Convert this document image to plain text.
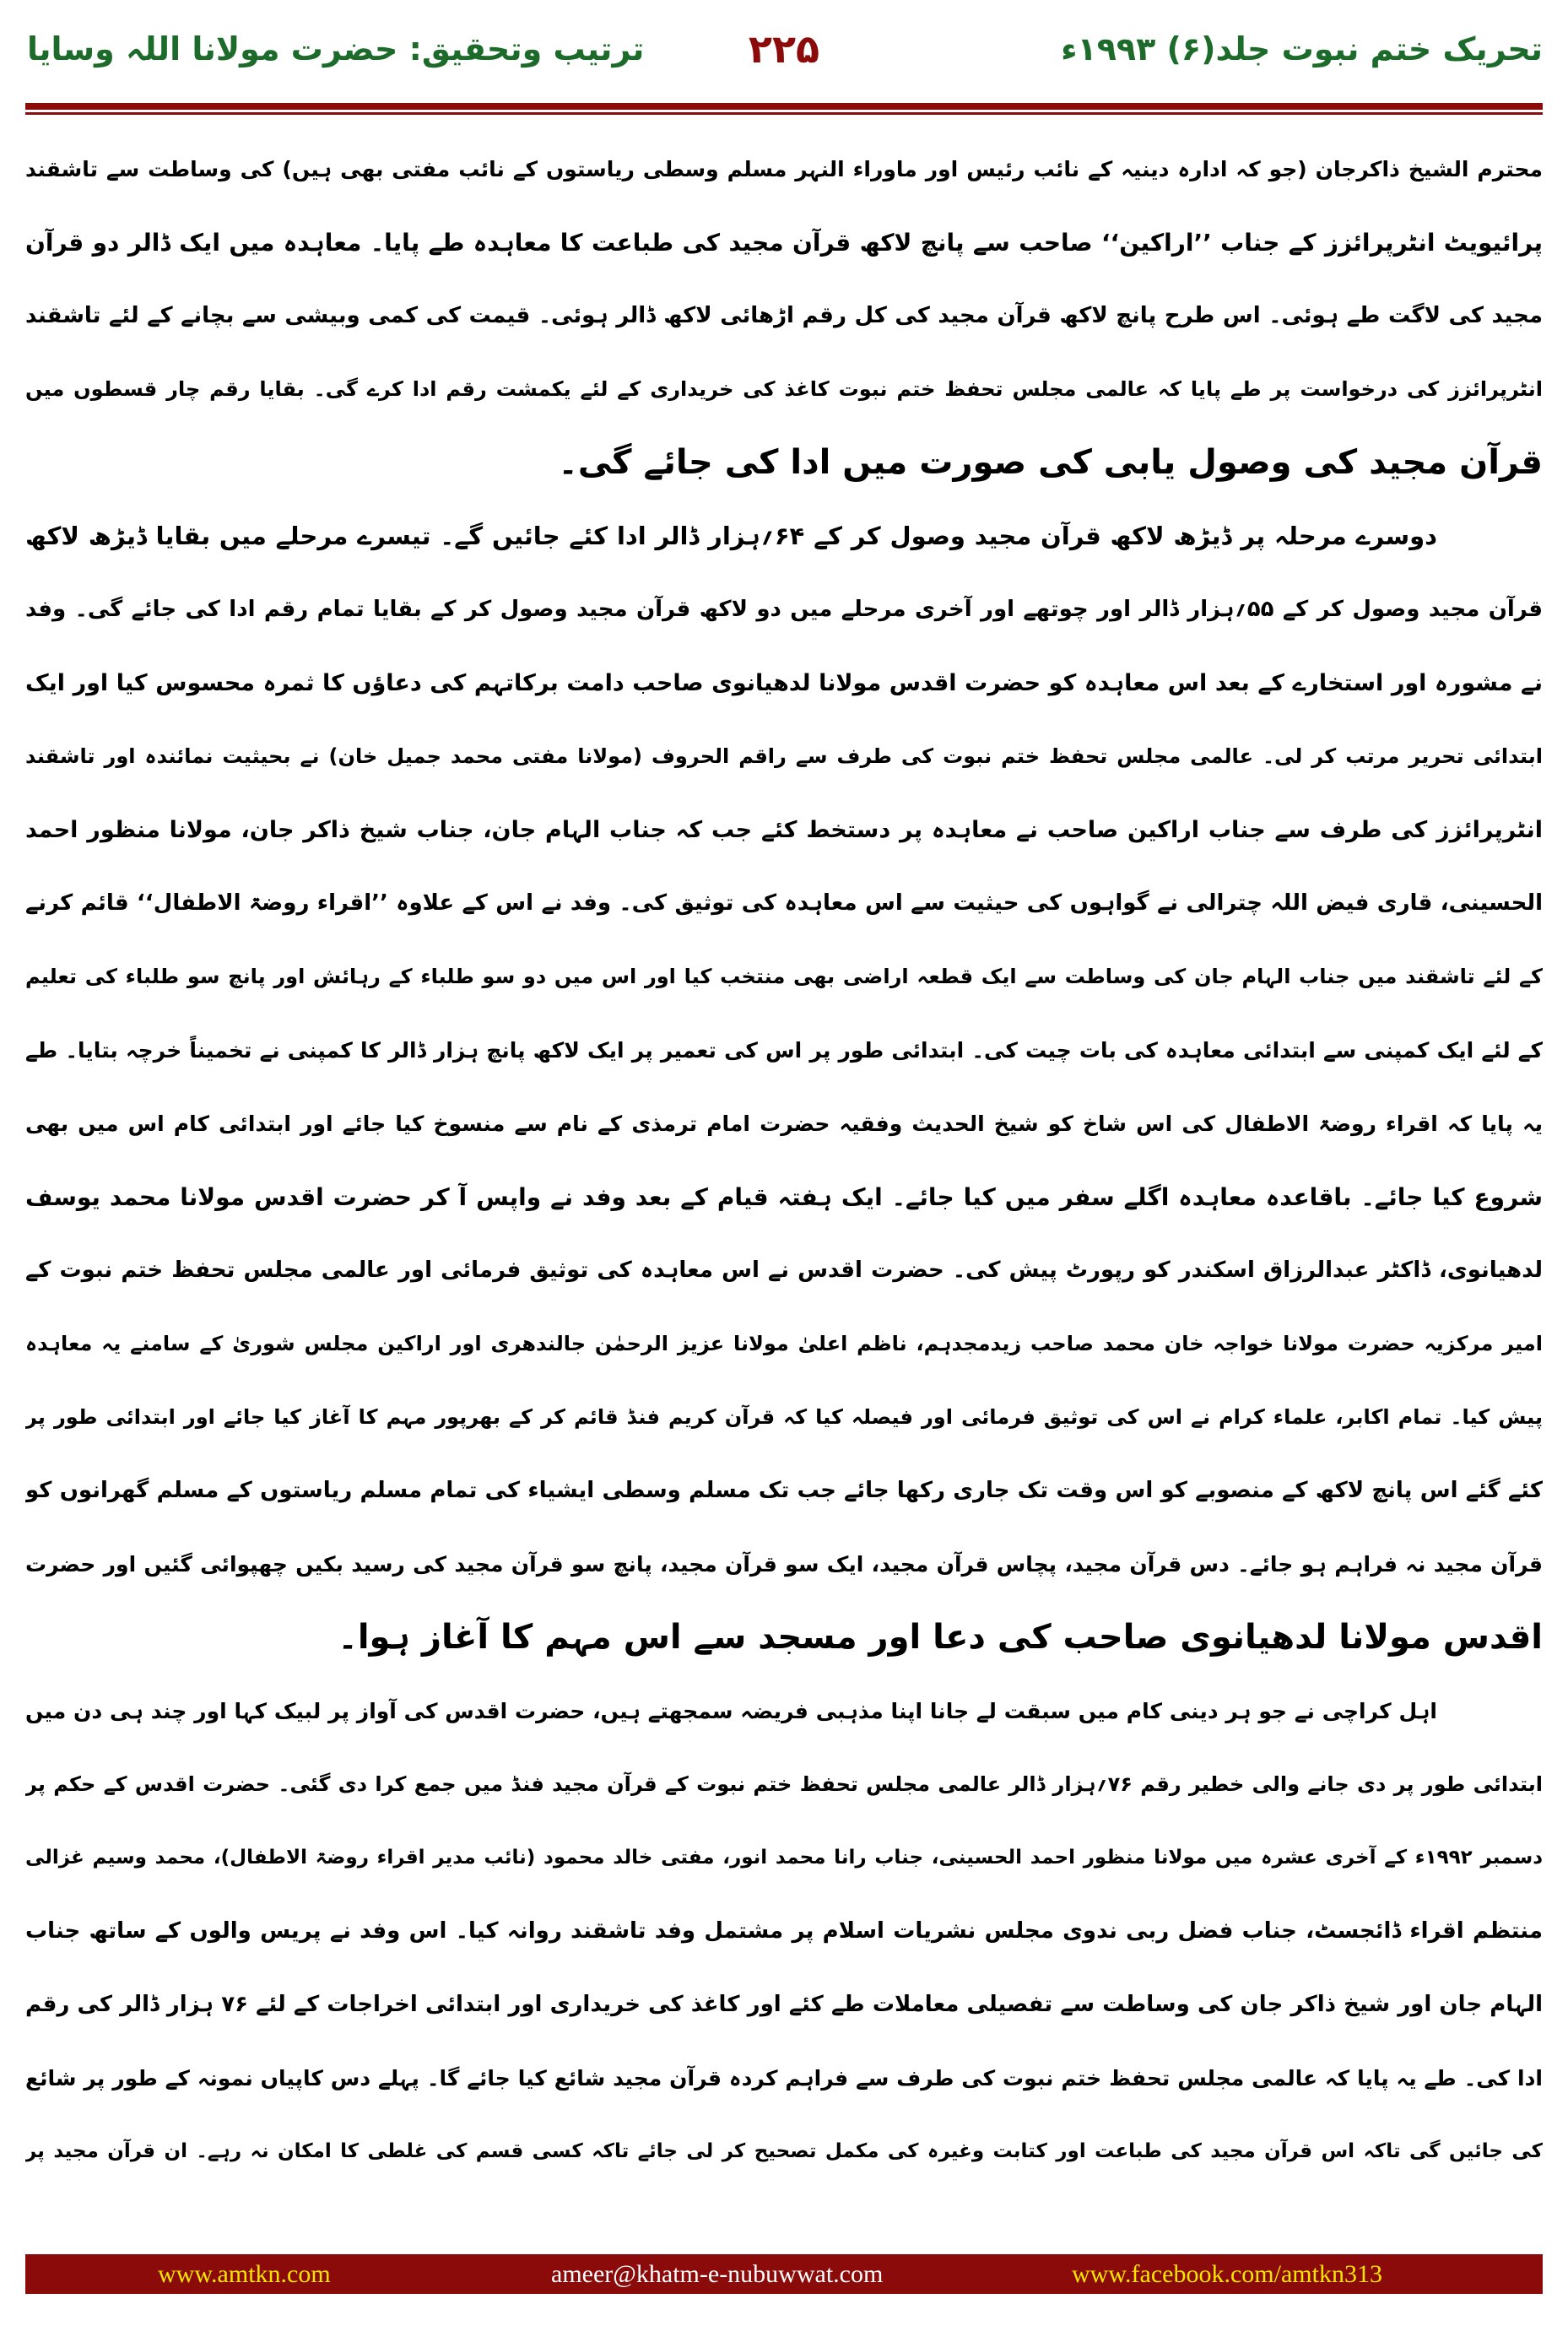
تحریک ختم نبوت جلد(۶) ۱۹۹۳ء
۲۲۵
ترتیب وتحقیق: حضرت مولانا اللہ وسایا
محترم الشیخ ذاکرجان (جو کہ ادارہ دینیہ کے نائب رئیس اور ماوراء النہر مسلم وسطی ریاستوں کے نائب مفتی بھی ہیں) کی وساطت سے تاشقند
پرائیویٹ انٹرپرائزز کے جناب ’’اراکین‘‘ صاحب سے پانچ لاکھ قرآن مجید کی طباعت کا معاہدہ طے پایا۔ معاہدہ میں ایک ڈالر دو قرآن
مجید کی لاگت طے ہوئی۔ اس طرح پانچ لاکھ قرآن مجید کی کل رقم اڑھائی لاکھ ڈالر ہوئی۔ قیمت کی کمی وبیشی سے بچانے کے لئے تاشقند
انٹرپرائزز کی درخواست پر طے پایا کہ عالمی مجلس تحفظ ختم نبوت کاغذ کی خریداری کے لئے یکمشت رقم ادا کرے گی۔ بقایا رقم چار قسطوں میں
قرآن مجید کی وصول یابی کی صورت میں ادا کی جائے گی۔
دوسرے مرحلہ پر ڈیڑھ لاکھ قرآن مجید وصول کر کے ۶۴؍ہزار ڈالر ادا کئے جائیں گے۔ تیسرے مرحلے میں بقایا ڈیڑھ لاکھ
قرآن مجید وصول کر کے ۵۵؍ہزار ڈالر اور چوتھے اور آخری مرحلے میں دو لاکھ قرآن مجید وصول کر کے بقایا تمام رقم ادا کی جائے گی۔ وفد
نے مشورہ اور استخارے کے بعد اس معاہدہ کو حضرت اقدس مولانا لدھیانوی صاحب دامت برکاتہم کی دعاؤں کا ثمرہ محسوس کیا اور ایک
ابتدائی تحریر مرتب کر لی۔ عالمی مجلس تحفظ ختم نبوت کی طرف سے راقم الحروف (مولانا مفتی محمد جمیل خان) نے بحیثیت نمائندہ اور تاشقند
انٹرپرائزز کی طرف سے جناب اراکین صاحب نے معاہدہ پر دستخط کئے جب کہ جناب الہام جان، جناب شیخ ذاکر جان، مولانا منظور احمد
الحسینی، قاری فیض اللہ چترالی نے گواہوں کی حیثیت سے اس معاہدہ کی توثیق کی۔ وفد نے اس کے علاوہ ’’اقراء روضۃ الاطفال‘‘ قائم کرنے
کے لئے تاشقند میں جناب الہام جان کی وساطت سے ایک قطعہ اراضی بھی منتخب کیا اور اس میں دو سو طلباء کے رہائش اور پانچ سو طلباء کی تعلیم
کے لئے ایک کمپنی سے ابتدائی معاہدہ کی بات چیت کی۔ ابتدائی طور پر اس کی تعمیر پر ایک لاکھ پانچ ہزار ڈالر کا کمپنی نے تخمیناً خرچہ بتایا۔ طے
یہ پایا کہ اقراء روضۃ الاطفال کی اس شاخ کو شیخ الحدیث وفقیہ حضرت امام ترمذی کے نام سے منسوخ کیا جائے اور ابتدائی کام اس میں بھی
شروع کیا جائے۔ باقاعدہ معاہدہ اگلے سفر میں کیا جائے۔ ایک ہفتہ قیام کے بعد وفد نے واپس آ کر حضرت اقدس مولانا محمد یوسف
لدھیانوی، ڈاکٹر عبدالرزاق اسکندر کو رپورٹ پیش کی۔ حضرت اقدس نے اس معاہدہ کی توثیق فرمائی اور عالمی مجلس تحفظ ختم نبوت کے
امیر مرکزیہ حضرت مولانا خواجہ خان محمد صاحب زیدمجدہم، ناظم اعلیٰ مولانا عزیز الرحمٰن جالندھری اور اراکین مجلس شوریٰ کے سامنے یہ معاہدہ
پیش کیا۔ تمام اکابر، علماء کرام نے اس کی توثیق فرمائی اور فیصلہ کیا کہ قرآن کریم فنڈ قائم کر کے بھرپور مہم کا آغاز کیا جائے اور ابتدائی طور پر
کئے گئے اس پانچ لاکھ کے منصوبے کو اس وقت تک جاری رکھا جائے جب تک مسلم وسطی ایشیاء کی تمام مسلم ریاستوں کے مسلم گھرانوں کو
قرآن مجید نہ فراہم ہو جائے۔ دس قرآن مجید، پچاس قرآن مجید، ایک سو قرآن مجید، پانچ سو قرآن مجید کی رسید بکیں چھپوائی گئیں اور حضرت
اقدس مولانا لدھیانوی صاحب کی دعا اور مسجد سے اس مہم کا آغاز ہوا۔
اہل کراچی نے جو ہر دینی کام میں سبقت لے جانا اپنا مذہبی فریضہ سمجھتے ہیں، حضرت اقدس کی آواز پر لبیک کہا اور چند ہی دن میں
ابتدائی طور پر دی جانے والی خطیر رقم ۷۶؍ہزار ڈالر عالمی مجلس تحفظ ختم نبوت کے قرآن مجید فنڈ میں جمع کرا دی گئی۔ حضرت اقدس کے حکم پر
دسمبر ۱۹۹۲ء کے آخری عشرہ میں مولانا منظور احمد الحسینی، جناب رانا محمد انور، مفتی خالد محمود (نائب مدیر اقراء روضۃ الاطفال)، محمد وسیم غزالی
منتظم اقراء ڈائجسٹ، جناب فضل ربی ندوی مجلس نشریات اسلام پر مشتمل وفد تاشقند روانہ کیا۔ اس وفد نے پریس والوں کے ساتھ جناب
الہام جان اور شیخ ذاکر جان کی وساطت سے تفصیلی معاملات طے کئے اور کاغذ کی خریداری اور ابتدائی اخراجات کے لئے ۷۶ ہزار ڈالر کی رقم
ادا کی۔ طے یہ پایا کہ عالمی مجلس تحفظ ختم نبوت کی طرف سے فراہم کردہ قرآن مجید شائع کیا جائے گا۔ پہلے دس کاپیاں نمونہ کے طور پر شائع
کی جائیں گی تاکہ اس قرآن مجید کی طباعت اور کتابت وغیرہ کی مکمل تصحیح کر لی جائے تاکہ کسی قسم کی غلطی کا امکان نہ رہے۔ ان قرآن مجید پر
www.amtkn.com	ameer@khatm-e-nubuwwat.com	www.facebook.com/amtkn313
